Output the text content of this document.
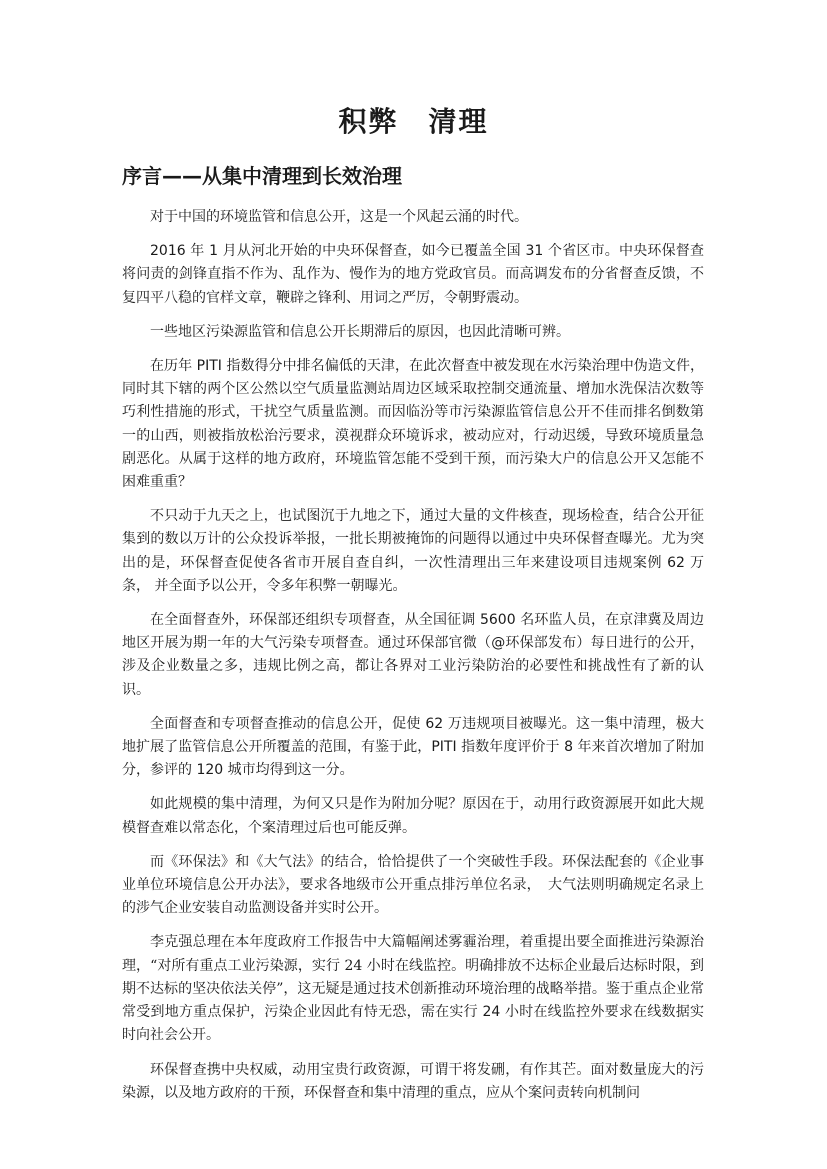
积弊　清理
序言——从集中清理到长效治理

对于中国的环境监管和信息公开，这是一个风起云涌的时代。

2016 年 1 月从河北开始的中央环保督查，如今已覆盖全国 31 个省区市。中央环保督查将问责的剑锋直指不作为、乱作为、慢作为的地方党政官员。而高调发布的分省督查反馈，不复四平八稳的官样文章，鞭辟之锋利、用词之严厉，令朝野震动。

一些地区污染源监管和信息公开长期滞后的原因，也因此清晰可辨。

在历年 PITI 指数得分中排名偏低的天津，在此次督查中被发现在水污染治理中伪造文件，同时其下辖的两个区公然以空气质量监测站周边区域采取控制交通流量、增加水洗保洁次数等巧利性措施的形式，干扰空气质量监测。而因临汾等市污染源监管信息公开不佳而排名倒数第一的山西，则被指放松治污要求，漠视群众环境诉求，被动应对，行动迟缓，导致环境质量急剧恶化。从属于这样的地方政府，环境监管怎能不受到干预，而污染大户的信息公开又怎能不困难重重？

不只动于九天之上，也试图沉于九地之下，通过大量的文件核查，现场检查，结合公开征集到的数以万计的公众投诉举报，一批长期被掩饰的问题得以通过中央环保督查曝光。尤为突出的是，环保督查促使各省市开展自查自纠，一次性清理出三年来建设项目违规案例 62 万条， 并全面予以公开，令多年积弊一朝曝光。

在全面督查外，环保部还组织专项督查，从全国征调 5600 名环监人员，在京津冀及周边地区开展为期一年的大气污染专项督查。通过环保部官微（@环保部发布）每日进行的公开，涉及企业数量之多，违规比例之高，都让各界对工业污染防治的必要性和挑战性有了新的认识。

全面督查和专项督查推动的信息公开，促使 62 万违规项目被曝光。这一集中清理，极大地扩展了监管信息公开所覆盖的范围，有鉴于此，PITI 指数年度评价于 8 年来首次增加了附加分，参评的 120 城市均得到这一分。

如此规模的集中清理，为何又只是作为附加分呢？原因在于，动用行政资源展开如此大规模督查难以常态化，个案清理过后也可能反弹。

而《环保法》和《大气法》的结合，恰恰提供了一个突破性手段。环保法配套的《企业事业单位环境信息公开办法》，要求各地级市公开重点排污单位名录，　大气法则明确规定名录上的涉气企业安装自动监测设备并实时公开。

李克强总理在本年度政府工作报告中大篇幅阐述雾霾治理，着重提出要全面推进污染源治理，“对所有重点工业污染源，实行 24 小时在线监控。明确排放不达标企业最后达标时限，到期不达标的坚决依法关停”，这无疑是通过技术创新推动环境治理的战略举措。鉴于重点企业常常受到地方重点保护，污染企业因此有恃无恐，需在实行 24 小时在线监控外要求在线数据实时向社会公开。

环保督查携中央权威，动用宝贵行政资源，可谓干将发硎，有作其芒。面对数量庞大的污染源，以及地方政府的干预，环保督查和集中清理的重点，应从个案问责转向机制问
